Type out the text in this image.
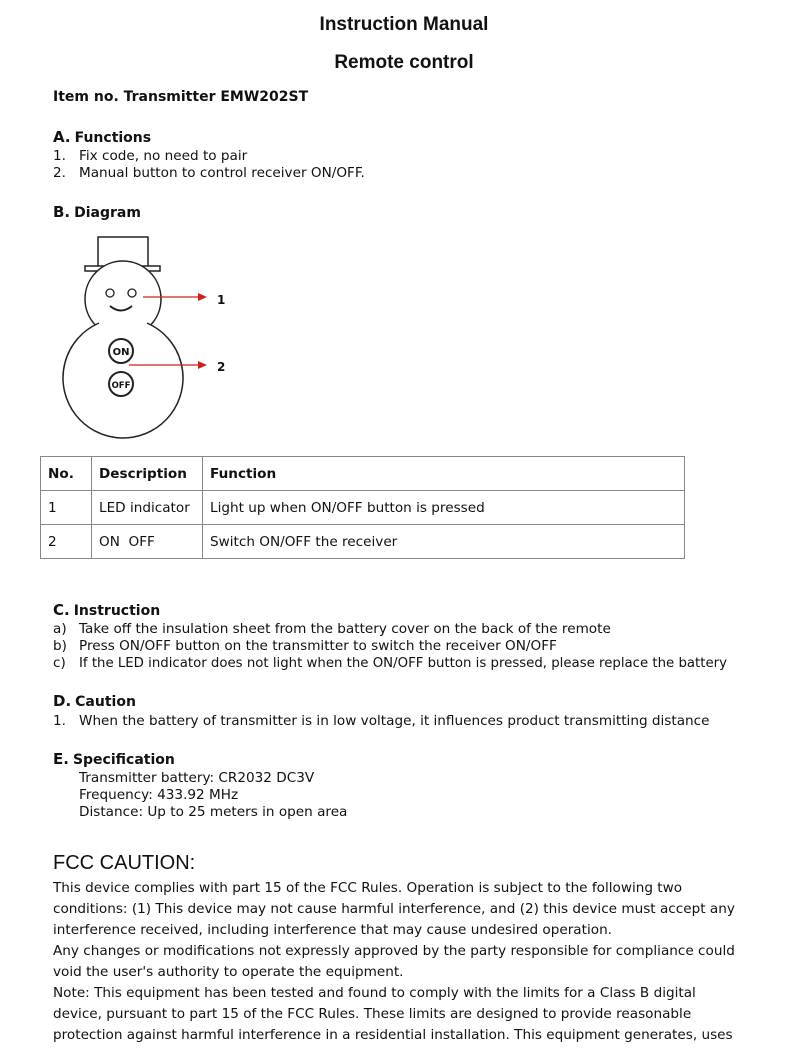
Instruction Manual
Remote control
Item no. Transmitter EMW202ST
A. Functions
1. Fix code, no need to pair
2. Manual button to control receiver ON/OFF.
B. Diagram
ON
OFF
1
2
No.	Description	Function
1	LED indicator	Light up when ON/OFF button is pressed
2	ON  OFF	Switch ON/OFF the receiver
C. Instruction
a) Take off the insulation sheet from the battery cover on the back of the remote
b) Press ON/OFF button on the transmitter to switch the receiver ON/OFF
c) If the LED indicator does not light when the ON/OFF button is pressed, please replace the battery
D. Caution
1. When the battery of transmitter is in low voltage, it influences product transmitting distance
E. Specification
Transmitter battery: CR2032 DC3V
Frequency: 433.92 MHz
Distance: Up to 25 meters in open area
FCC CAUTION:

This device complies with part 15 of the FCC Rules. Operation is subject to the following two

conditions: (1) This device may not cause harmful interference, and (2) this device must accept any

interference received, including interference that may cause undesired operation.

Any changes or modifications not expressly approved by the party responsible for compliance could

void the user's authority to operate the equipment.

Note: This equipment has been tested and found to comply with the limits for a Class B digital

device, pursuant to part 15 of the FCC Rules. These limits are designed to provide reasonable

protection against harmful interference in a residential installation. This equipment generates, uses
